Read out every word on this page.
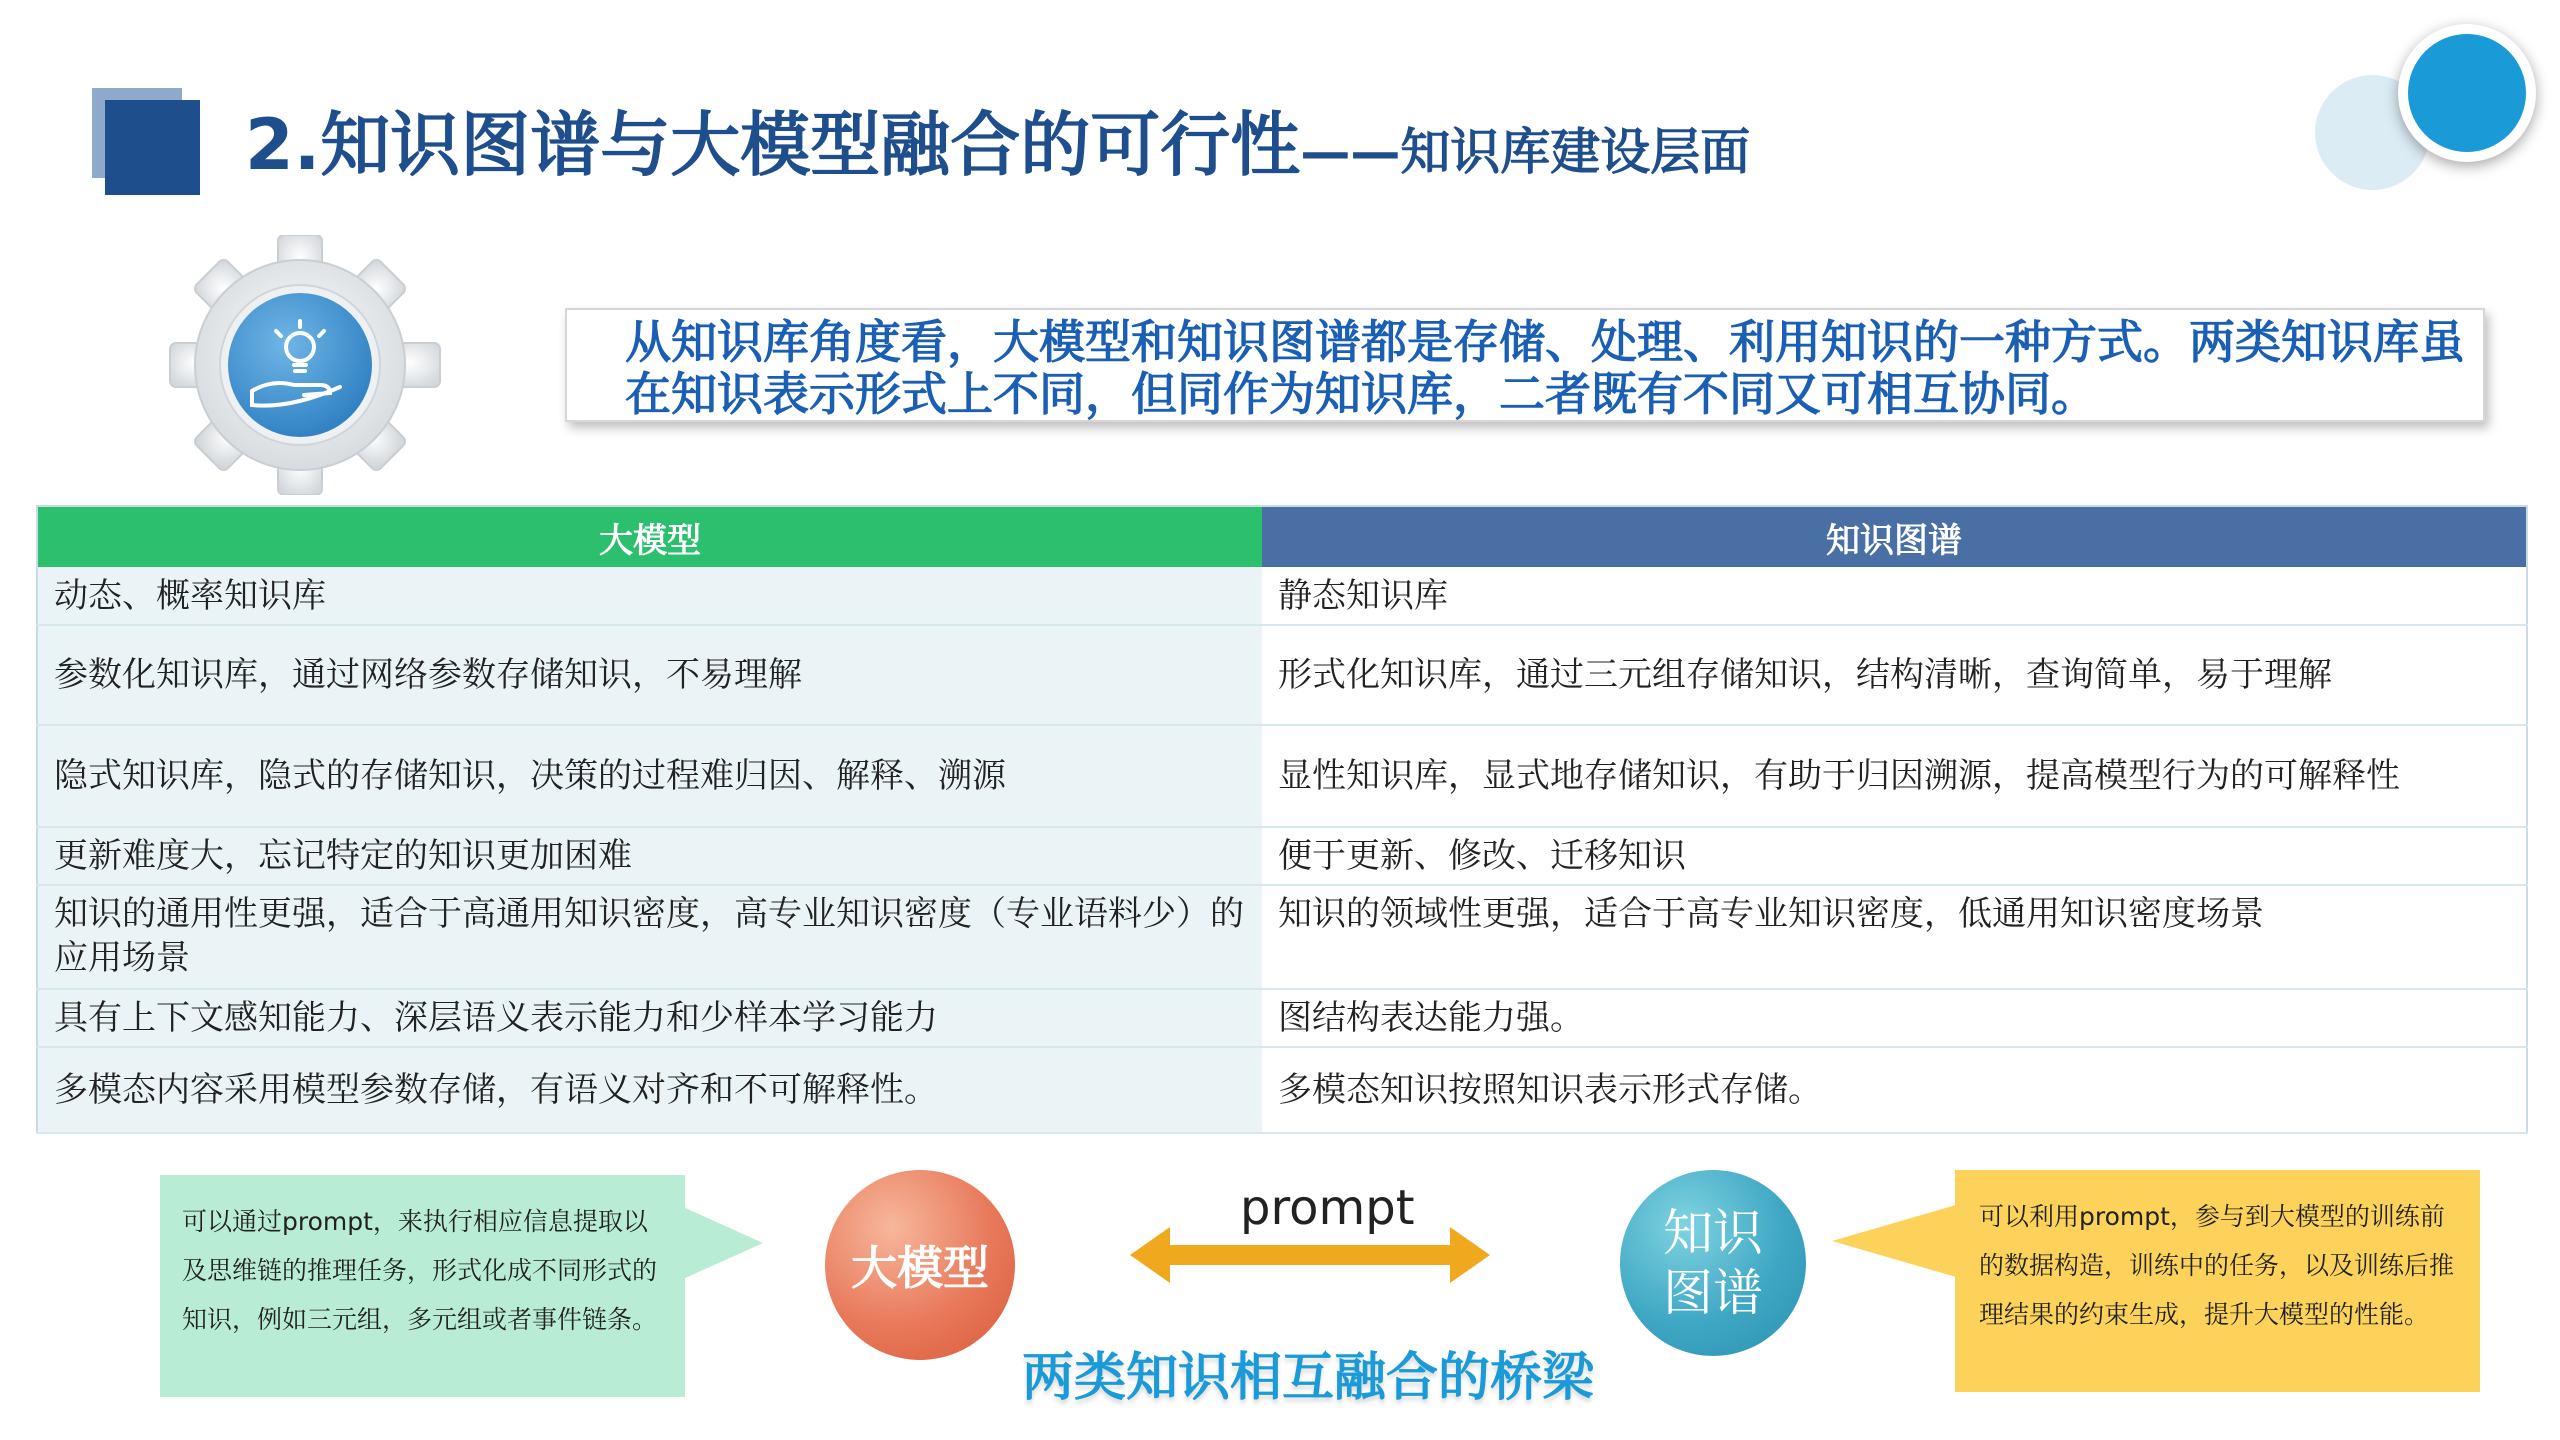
2.知识图谱与大模型融合的可行性——知识库建设层面

从知识库角度看，大模型和知识图谱都是存储、处理、利用知识的一种方式。两类知识库虽在知识表示形式上不同，但同作为知识库，二者既有不同又可相互协同。

大模型	知识图谱
动态、概率知识库	静态知识库
参数化知识库，通过网络参数存储知识，不易理解	形式化知识库，通过三元组存储知识，结构清晰，查询简单，易于理解
隐式知识库，隐式的存储知识，决策的过程难归因、解释、溯源	显性知识库，显式地存储知识，有助于归因溯源，提高模型行为的可解释性
更新难度大，忘记特定的知识更加困难	便于更新、修改、迁移知识
知识的通用性更强，适合于高通用知识密度，高专业知识密度（专业语料少）的应用场景	知识的领域性更强，适合于高专业知识密度，低通用知识密度场景
具有上下文感知能力、深层语义表示能力和少样本学习能力	图结构表达能力强。
多模态内容采用模型参数存储，有语义对齐和不可解释性。	多模态知识按照知识表示形式存储。

可以通过prompt，来执行相应信息提取以及思维链的推理任务，形式化成不同形式的知识，例如三元组，多元组或者事件链条。

大模型
prompt	知识图谱

可以利用prompt，参与到大模型的训练前的数据构造，训练中的任务，以及训练后推理结果的约束生成，提升大模型的性能。

两类知识相互融合的桥梁
